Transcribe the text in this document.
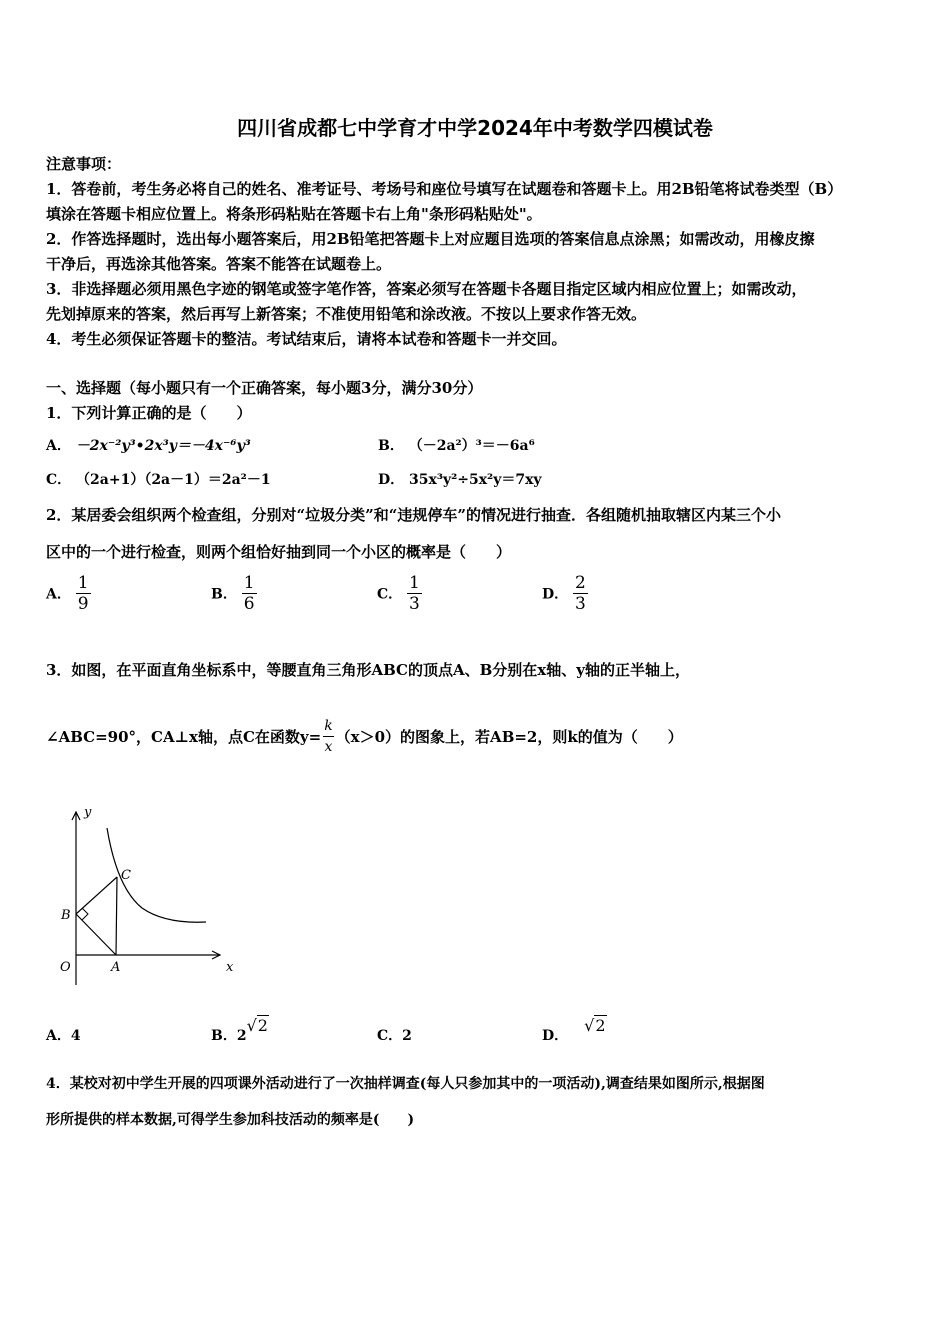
四川省成都七中学育才中学2024年中考数学四模试卷
注意事项：
1．答卷前，考生务必将自己的姓名、准考证号、考场号和座位号填写在试题卷和答题卡上。用2B铅笔将试卷类型（B）
填涂在答题卡相应位置上。将条形码粘贴在答题卡右上角"条形码粘贴处"。
2．作答选择题时，选出每小题答案后，用2B铅笔把答题卡上对应题目选项的答案信息点涂黑；如需改动，用橡皮擦
干净后，再选涂其他答案。答案不能答在试题卷上。
3．非选择题必须用黑色字迹的钢笔或签字笔作答，答案必须写在答题卡各题目指定区域内相应位置上；如需改动，
先划掉原来的答案，然后再写上新答案；不准使用铅笔和涂改液。不按以上要求作答无效。
4．考生必须保证答题卡的整洁。考试结束后，请将本试卷和答题卡一并交回。
一、选择题（每小题只有一个正确答案，每小题3分，满分30分）
1．下列计算正确的是（　　）
A． －2x⁻²y³•2x³y＝－4x⁻⁶y³	B． （－2a²）³＝－6a⁶
C． （2a+1）（2a－1）＝2a²－1	D． 35x³y²÷5x²y＝7xy
2．某居委会组织两个检查组，分别对“垃圾分类”和“违规停车”的情况进行抽查．各组随机抽取辖区内某三个小
区中的一个进行检查，则两个组恰好抽到同一个小区的概率是（　　）
A． $\frac{1}{9}$	B． $\frac{1}{6}$	C． $\frac{1}{3}$	D． $\frac{2}{3}$
3．如图，在平面直角坐标系中，等腰直角三角形ABC的顶点A、B分别在x轴、y轴的正半轴上，
∠ABC=90°，CA⊥x轴，点C在函数$y= \frac{k}{x} (x>0)$的图象上，若AB=2，则k的值为（　　）
y
x
O	A
B
C
A．4	B．2√2
C．2	D．√2
4．某校对初中学生开展的四项课外活动进行了一次抽样调查(每人只参加其中的一项活动),调查结果如图所示,根据图
形所提供的样本数据,可得学生参加科技活动的频率是(　　)
